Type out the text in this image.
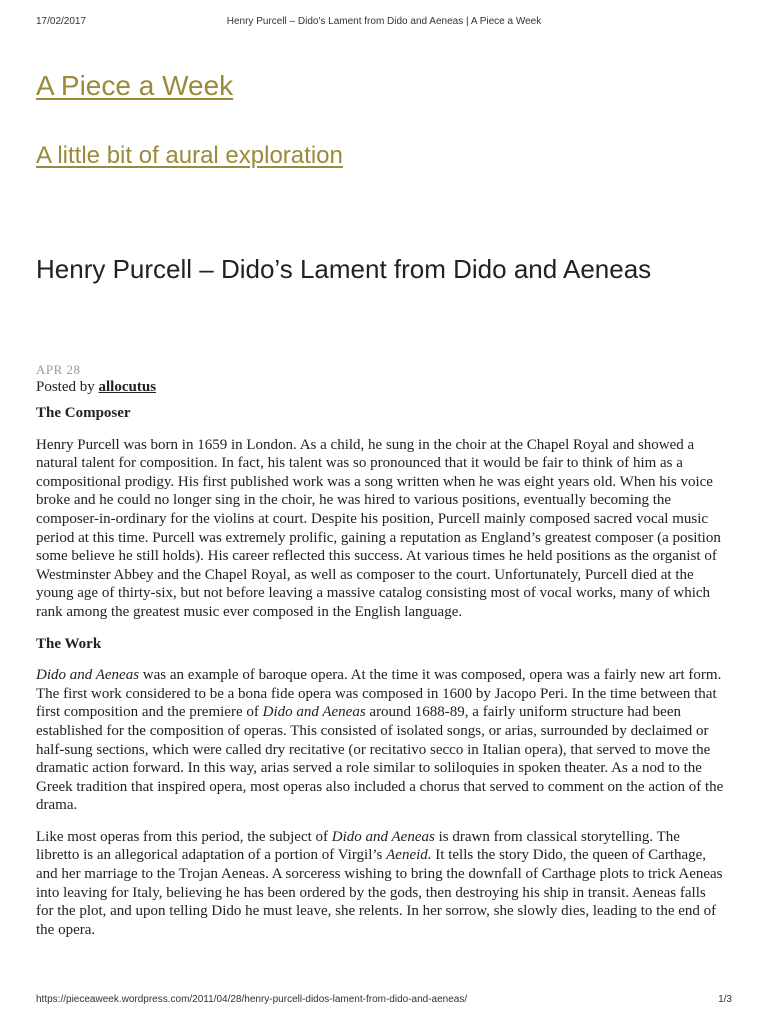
17/02/2017	Henry Purcell – Dido's Lament from Dido and Aeneas | A Piece a Week
A Piece a Week
A little bit of aural exploration
Henry Purcell – Dido’s Lament from Dido and Aeneas
APR 28
Posted by allocutus
The Composer

Henry Purcell was born in 1659 in London. As a child, he sung in the choir at the Chapel Royal and showed a natural talent for composition. In fact, his talent was so pronounced that it would be fair to think of him as a compositional prodigy. His first published work was a song written when he was eight years old. When his voice broke and he could no longer sing in the choir, he was hired to various positions, eventually becoming the composer-in-ordinary for the violins at court. Despite his position, Purcell mainly composed sacred vocal music period at this time. Purcell was extremely prolific, gaining a reputation as England’s greatest composer (a position some believe he still holds). His career reflected this success. At various times he held positions as the organist of Westminster Abbey and the Chapel Royal, as well as composer to the court. Unfortunately, Purcell died at the young age of thirty-six, but not before leaving a massive catalog consisting most of vocal works, many of which rank among the greatest music ever composed in the English language.

The Work

Dido and Aeneas was an example of baroque opera. At the time it was composed, opera was a fairly new art form. The first work considered to be a bona fide opera was composed in 1600 by Jacopo Peri. In the time between that first composition and the premiere of Dido and Aeneas around 1688-89, a fairly uniform structure had been established for the composition of operas. This consisted of isolated songs, or arias, surrounded by declaimed or half-sung sections, which were called dry recitative (or recitativo secco in Italian opera), that served to move the dramatic action forward. In this way, arias served a role similar to soliloquies in spoken theater. As a nod to the Greek tradition that inspired opera, most operas also included a chorus that served to comment on the action of the drama.

Like most operas from this period, the subject of Dido and Aeneas is drawn from classical storytelling. The libretto is an allegorical adaptation of a portion of Virgil’s Aeneid. It tells the story Dido, the queen of Carthage, and her marriage to the Trojan Aeneas. A sorceress wishing to bring the downfall of Carthage plots to trick Aeneas into leaving for Italy, believing he has been ordered by the gods, then destroying his ship in transit. Aeneas falls for the plot, and upon telling Dido he must leave, she relents. In her sorrow, she slowly dies, leading to the end of the opera.

https://pieceaweek.wordpress.com/2011/04/28/henry-purcell-didos-lament-from-dido-and-aeneas/	1/3
